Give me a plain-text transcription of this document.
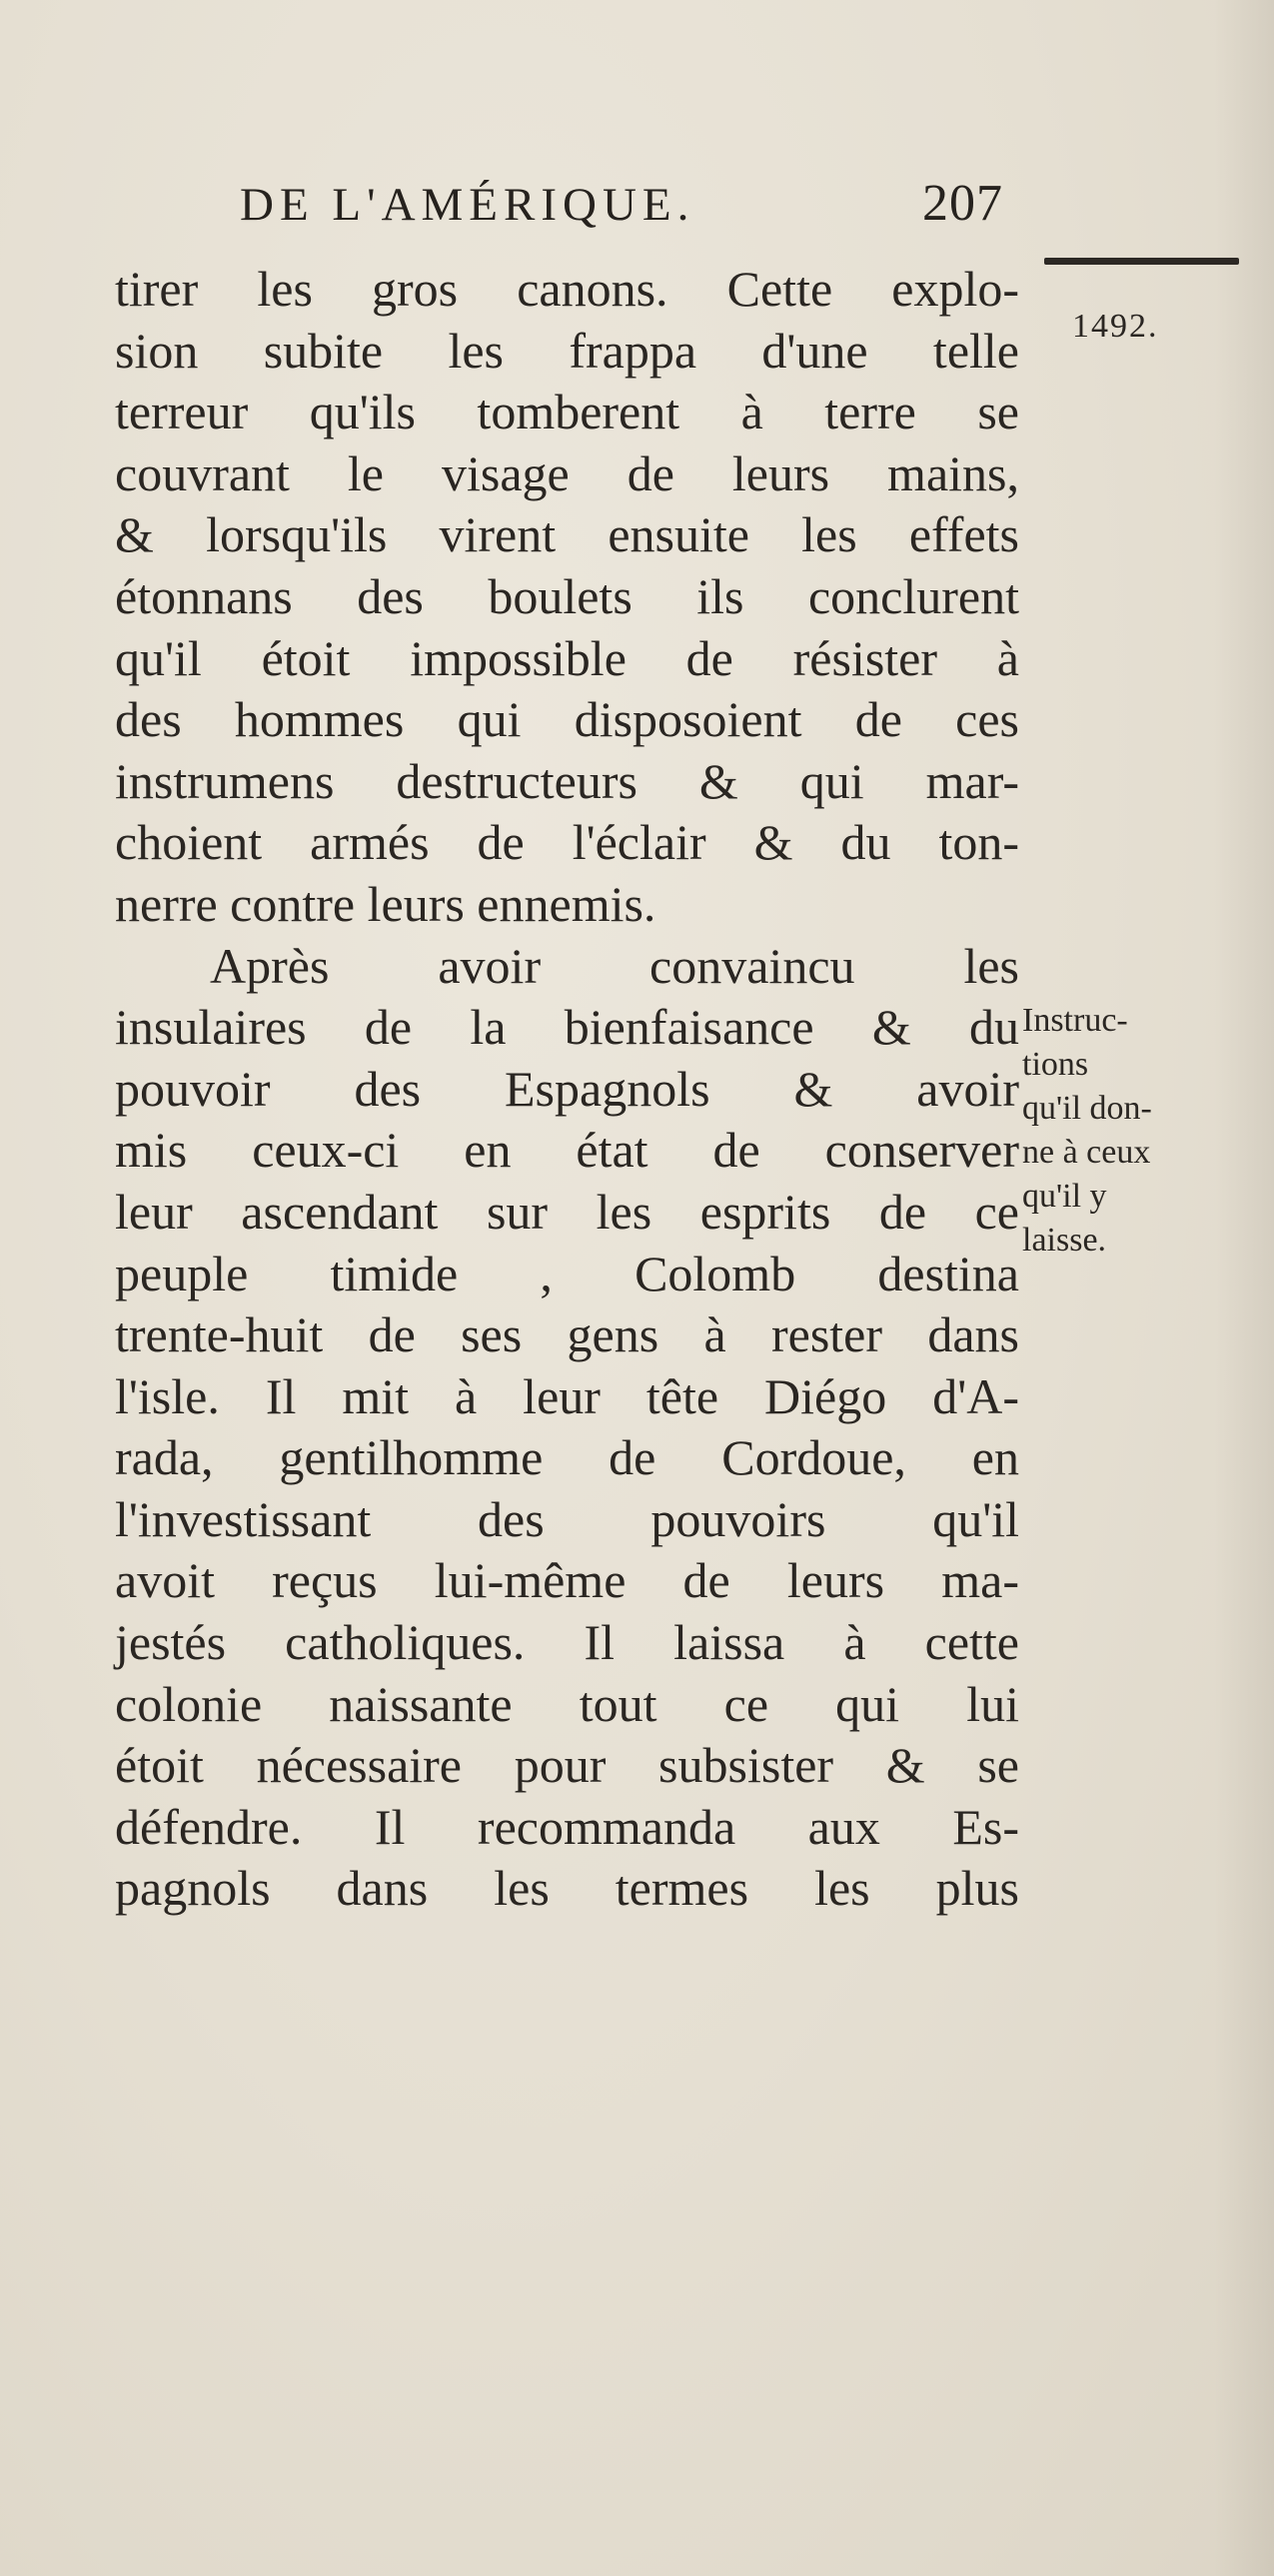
DE L'AMÉRIQUE.	207
1492.
tirer les gros canons. Cette explo-
sion subite les frappa d'une telle
terreur qu'ils tomberent à terre se
couvrant le visage de leurs mains,
& lorsqu'ils virent ensuite les effets
étonnans des boulets ils conclurent
qu'il étoit impossible de résister à
des hommes qui disposoient de ces
instrumens destructeurs & qui mar-
choient armés de l'éclair & du ton-
nerre contre leurs ennemis.
Après avoir convaincu les
insulaires de la bienfaisance & du
pouvoir des Espagnols & avoir
mis ceux-ci en état de conserver
leur ascendant sur les esprits de ce
peuple timide , Colomb destina
trente-huit de ses gens à rester dans
l'isle. Il mit à leur tête Diégo d'A-
rada, gentilhomme de Cordoue, en
l'investissant des pouvoirs qu'il
avoit reçus lui-même de leurs ma-
jestés catholiques. Il laissa à cette
colonie naissante tout ce qui lui
étoit nécessaire pour subsister & se
défendre. Il recommanda aux Es-
pagnols dans les termes les plus
Instruc-
tions
qu'il don-
ne à ceux
qu'il y
laisse.
